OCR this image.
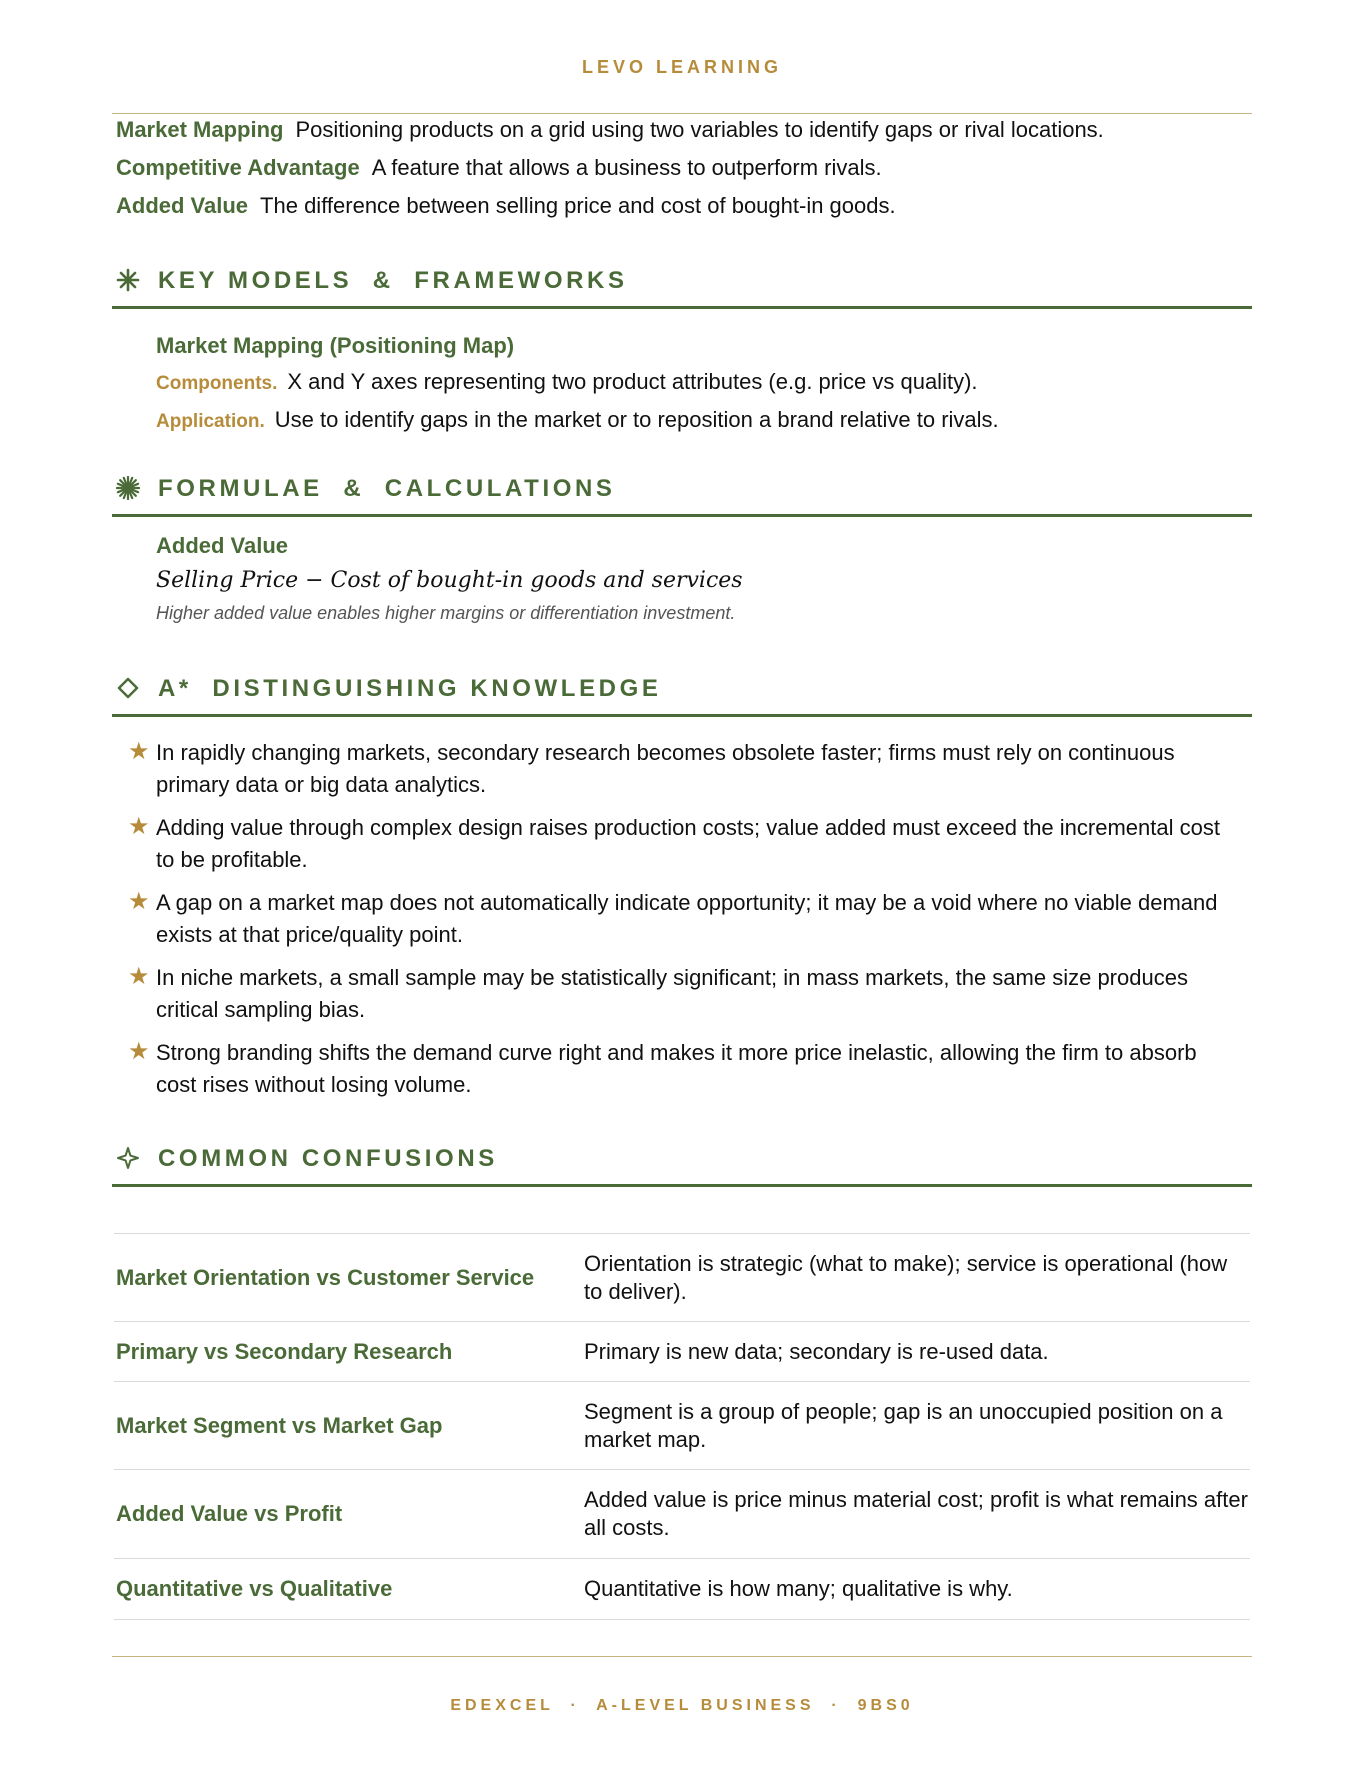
LEVO LEARNING
Market Mapping Positioning products on a grid using two variables to identify gaps or rival locations.
Competitive Advantage A feature that allows a business to outperform rivals.
Added Value The difference between selling price and cost of bought-in goods.
KEY MODELS  &  FRAMEWORKS
Market Mapping (Positioning Map)
Components. X and Y axes representing two product attributes (e.g. price vs quality).
Application. Use to identify gaps in the market or to reposition a brand relative to rivals.
FORMULAE  &  CALCULATIONS
Added Value
Selling Price − Cost of bought-in goods and services
Higher added value enables higher margins or differentiation investment.
A*  DISTINGUISHING KNOWLEDGE
★ In rapidly changing markets, secondary research becomes obsolete faster; firms must rely on continuous primary data or big data analytics.
★ Adding value through complex design raises production costs; value added must exceed the incremental cost to be profitable.
★ A gap on a market map does not automatically indicate opportunity; it may be a void where no viable demand exists at that price/quality point.
★ In niche markets, a small sample may be statistically significant; in mass markets, the same size produces critical sampling bias.
★ Strong branding shifts the demand curve right and makes it more price inelastic, allowing the firm to absorb cost rises without losing volume.
COMMON CONFUSIONS
Market Orientation vs Customer Service
Orientation is strategic (what to make); service is operational (how to deliver).
Primary vs Secondary Research	Primary is new data; secondary is re-used data.
Market Segment vs Market Gap
Segment is a group of people; gap is an unoccupied position on a market map.
Added Value vs Profit
Added value is price minus material cost; profit is what remains after all costs.
Quantitative vs Qualitative	Quantitative is how many; qualitative is why.
EDEXCEL  ·  A-LEVEL BUSINESS  ·  9BS0
